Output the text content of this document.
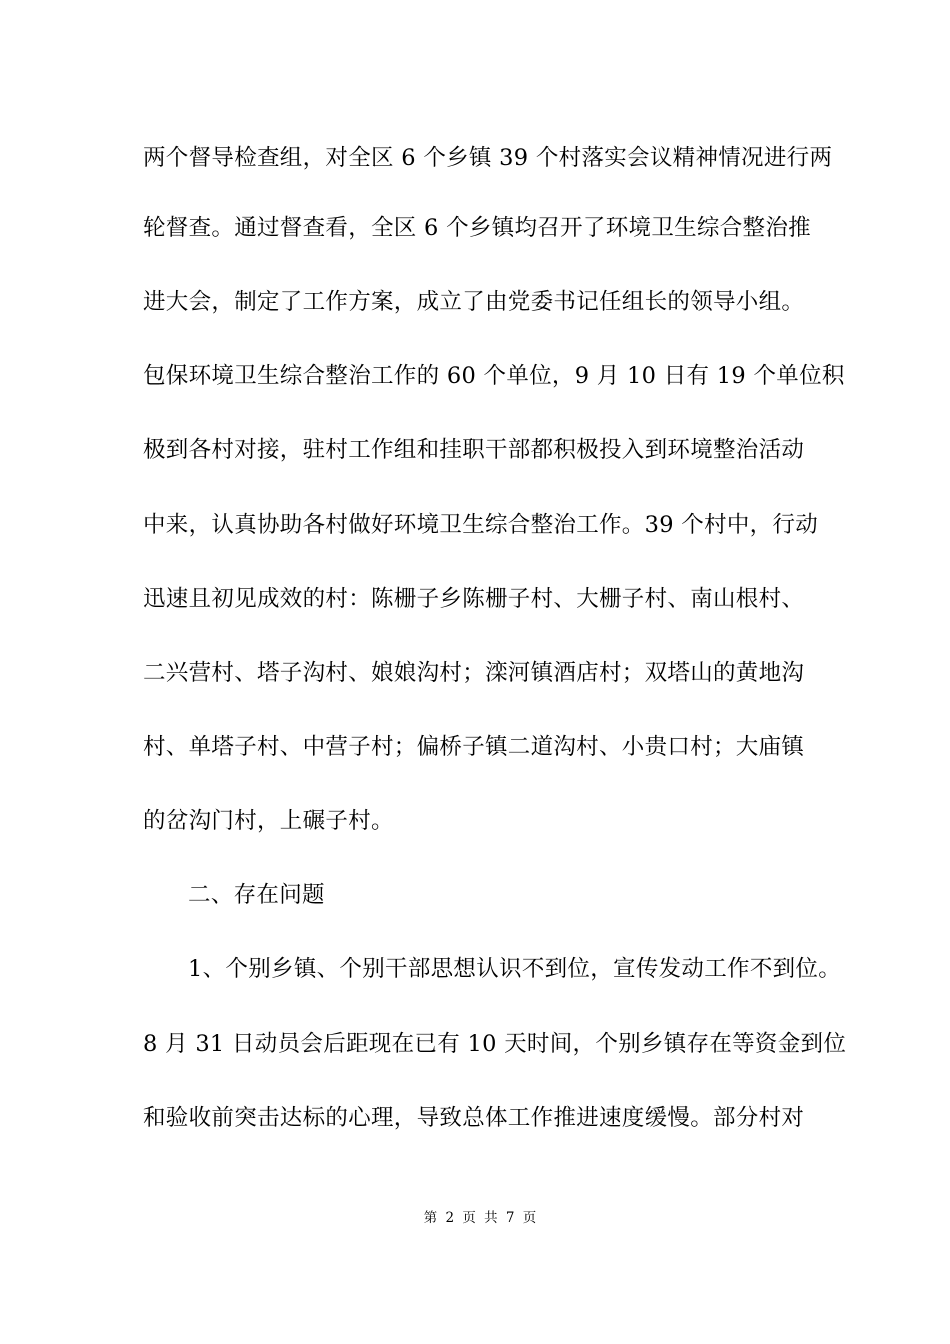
两个督导检查组，对全区 6 个乡镇 39 个村落实会议精神情况进行两
轮督查。通过督查看，全区 6 个乡镇均召开了环境卫生综合整治推
进大会，制定了工作方案，成立了由党委书记任组长的领导小组。
包保环境卫生综合整治工作的 60 个单位，9 月 10 日有 19 个单位积
极到各村对接，驻村工作组和挂职干部都积极投入到环境整治活动
中来，认真协助各村做好环境卫生综合整治工作。39 个村中，行动
迅速且初见成效的村：陈栅子乡陈栅子村、大栅子村、南山根村、
二兴营村、塔子沟村、娘娘沟村；滦河镇酒店村；双塔山的黄地沟
村、单塔子村、中营子村；偏桥子镇二道沟村、小贵口村；大庙镇
的岔沟门村，上碾子村。
二、存在问题
1、个别乡镇、个别干部思想认识不到位，宣传发动工作不到位。
8 月 31 日动员会后距现在已有 10 天时间，个别乡镇存在等资金到位
和验收前突击达标的心理，导致总体工作推进速度缓慢。部分村对
第 2 页 共 7 页
